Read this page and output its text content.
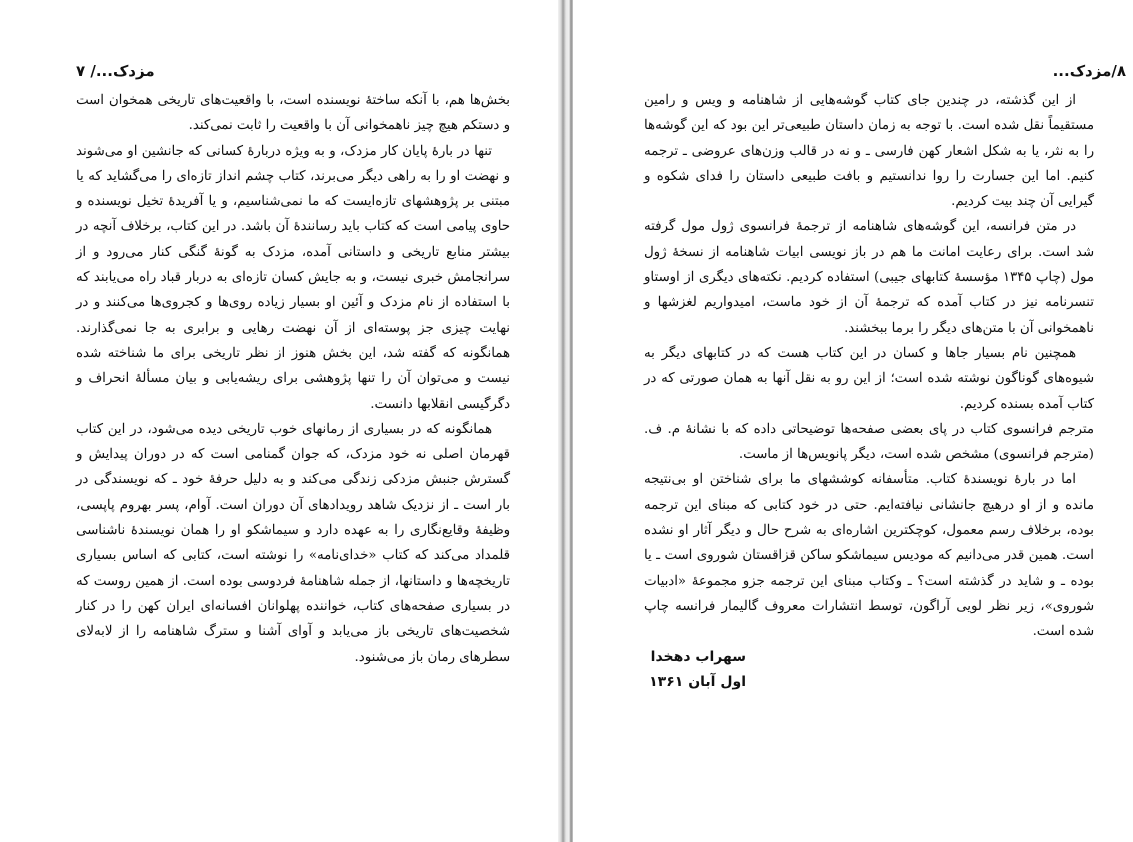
مزدک.../ ۷

بخش‌ها هم، با آنکه ساختهٔ نویسنده است، با واقعیت‌های تاریخی همخوان است و دستکم هیچ چیز ناهمخوانی آن با واقعیت را ثابت نمی‌کند.

تنها در بارهٔ پایان کار مزدک، و به ویژه دربارهٔ کسانی که جانشین او می‌شوند و نهضت او را به راهی دیگر می‌برند، کتاب چشم انداز تازه‌ای را می‌گشاید که یا مبتنی بر پژوهشهای تازه‌ایست که ما نمی‌شناسیم، و یا آفریدهٔ تخیل نویسنده و حاوی پیامی است که کتاب باید رسانندهٔ آن باشد. در این کتاب، برخلاف آنچه در بیشتر منابع تاریخی و داستانی آمده، مزدک به گونهٔ گنگی کنار می‌رود و از سرانجامش خبری نیست، و به جایش کسان تازه‌ای به دربار قباد راه می‌یابند که با استفاده از نام مزدک و آئین او بسیار زیاده روی‌ها و کجروی‌ها می‌کنند و در نهایت چیزی جز پوسته‌ای از آن نهضت رهایی و برابری به جا نمی‌گذارند. همانگونه که گفته شد، این بخش هنوز از نظر تاریخی برای ما شناخته شده نیست و می‌توان آن را تنها پژوهشی برای ریشه‌یابی و بیان مسألهٔ انحراف و دگرگیسی انقلابها دانست.

همانگونه که در بسیاری از رمانهای خوب تاریخی دیده می‌شود، در این کتاب قهرمان اصلی نه خود مزدک، که جوان گمنامی است که در دوران پیدایش و گسترش جنبش مزدکی زندگی می‌کند و به دلیل حرفهٔ خود ـ که نویسندگی در بار است ـ از نزدیک شاهد رویدادهای آن دوران است. آوام، پسر بهروم پاپسی، وظیفهٔ وقایع‌نگاری را به عهده دارد و سیماشکو او را همان نویسندهٔ ناشناسی قلمداد می‌کند که کتاب «خدای‌نامه» را نوشته است، کتابی که اساس بسیاری تاریخچه‌ها و داستانها، از جمله شاهنامهٔ فردوسی بوده است. از همین روست که در بسیاری صفحه‌های کتاب، خواننده پهلوانان افسانه‌ای ایران کهن را در کنار شخصیت‌های تاریخی باز می‌یابد و آوای آشنا و سترگ شاهنامه را از لابه‌لای سطرهای رمان باز می‌شنود.

۸/مزدک...

از این گذشته، در چندین جای کتاب گوشه‌هایی از شاهنامه و ویس و رامین مستقیماً نقل شده است. با توجه به زمان داستان طبیعی‌تر این بود که این گوشه‌ها را به نثر، یا به شکل اشعار کهن فارسی ـ و نه در قالب وزن‌های عروضی ـ ترجمه کنیم. اما این جسارت را روا ندانستیم و بافت طبیعی داستان را فدای شکوه و گیرایی آن چند بیت کردیم.

در متن فرانسه، این گوشه‌های شاهنامه از ترجمهٔ فرانسوی ژول مول گرفته شد است. برای رعایت امانت ما هم در باز نویسی ابیات شاهنامه از نسخهٔ ژول مول (چاپ ۱۳۴۵ مؤسسهٔ کتابهای جیبی) استفاده کردیم. نکته‌های دیگری از اوستاو تنسرنامه نیز در کتاب آمده که ترجمهٔ آن از خود ماست، امیدواریم لغزشها و ناهمخوانی آن با متن‌های دیگر را برما ببخشند.

همچنین نام بسیار جاها و کسان در این کتاب هست که در کتابهای دیگر به شیوه‌های گوناگون نوشته شده است؛ از این رو به نقل آنها به همان صورتی که در کتاب آمده بسنده کردیم.

مترجم فرانسوی کتاب در پای بعضی صفحه‌ها توضیحاتی داده که با نشانهٔ م. ف. (مترجم فرانسوی) مشخص شده است، دیگر پانویس‌ها از ماست.

اما در بارهٔ نویسندهٔ کتاب. متأسفانه کوششهای ما برای شناختن او بی‌نتیجه مانده و از او درهیچ جانشانی نیافته‌ایم. حتی در خود کتابی که مبنای این ترجمه بوده، برخلاف رسم معمول، کوچکترین اشاره‌ای به شرح حال و دیگر آثار او نشده است. همین قدر می‌دانیم که مودیس سیماشکو ساکن قزاقستان شوروی است ـ یا بوده ـ و شاید در گذشته است؟ ـ وکتاب مبنای این ترجمه جزو مجموعهٔ «ادبیات شوروی»، زیر نظر لویی آراگون، توسط انتشارات معروف گالیمار فرانسه چاپ شده است.

سهراب دهخدا
اول آبان ۱۳۶۱
